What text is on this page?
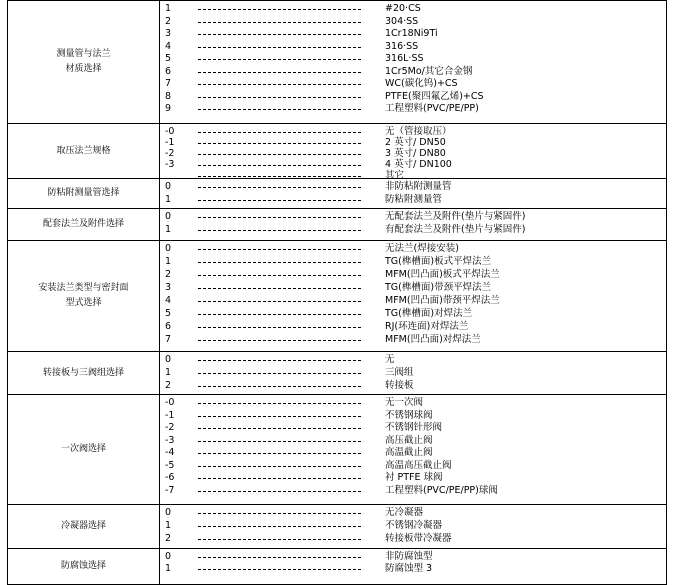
测量管与法兰
材质选择
1	#20·CS
2	304·SS
3	1Cr18Ni9Ti
4	316·SS
5	316L·SS
6	1Cr5Mo/其它合金钢
7	WC(碳化钨)+CS
8	PTFE(聚四氟乙烯)+CS
9	工程塑料(PVC/PE/PP)
取压法兰规格
-0	无（管接取压）
-1	2 英寸/ DN50
-2	3 英寸/ DN80
-3	4 英寸/ DN100
其它
防粘附测量管选择
0	非防粘附测量管
1	防粘附测量管
配套法兰及附件选择
0	无配套法兰及附件(垫片与紧固件)
1	有配套法兰及附件(垫片与紧固件)
安装法兰类型与密封面
型式选择
0	无法兰(焊接安装)
1	TG(榫槽面)板式平焊法兰
2	MFM(凹凸面)板式平焊法兰
3	TG(榫槽面)带颈平焊法兰
4	MFM(凹凸面)带颈平焊法兰
5	TG(榫槽面)对焊法兰
6	RJ(环连面)对焊法兰
7	MFM(凹凸面)对焊法兰
转接板与三阀组选择
0	无
1	三阀组
2	转接板
一次阀选择
-0	无一次阀
-1	不锈钢球阀
-2	不锈钢针形阀
-3	高压截止阀
-4	高温截止阀
-5	高温高压截止阀
-6	衬 PTFE 球阀
-7	工程塑料(PVC/PE/PP)球阀
冷凝器选择
0	无冷凝器
1	不锈钢冷凝器
2	转接板带冷凝器
防腐蚀选择
0	非防腐蚀型
1	防腐蚀型 3
